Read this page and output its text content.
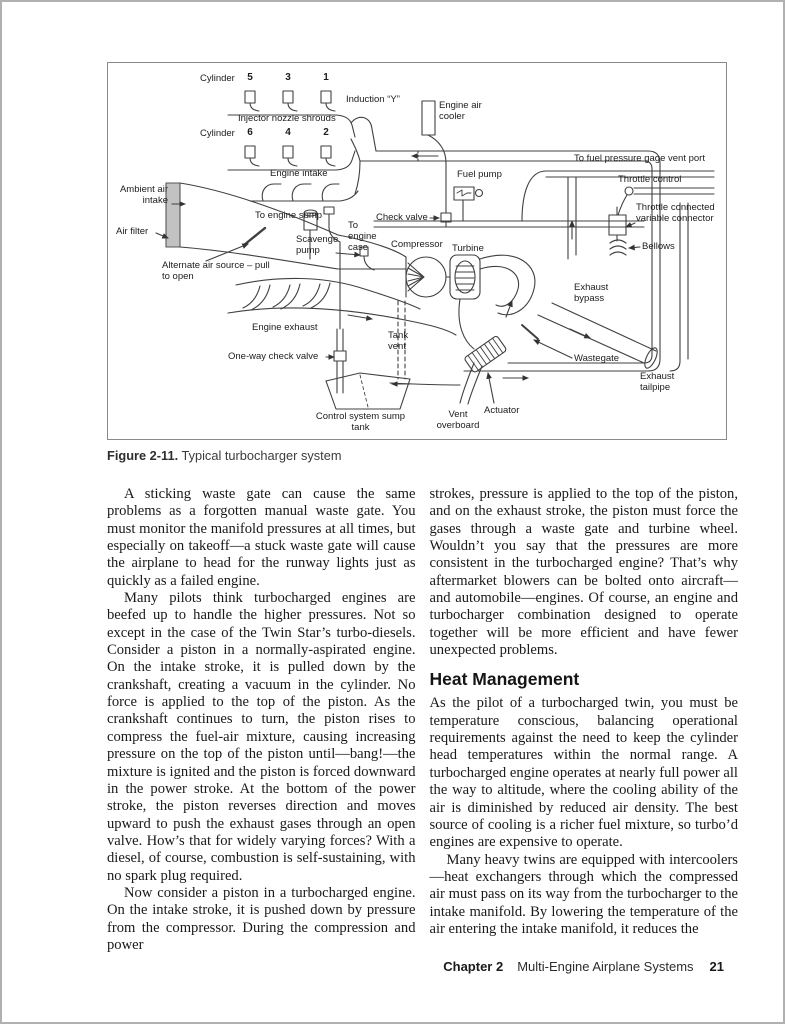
Cylinder	5	3	1
Induction “Y”
Injector nozzle shrouds
Cylinder	6	4	2
Engine air cooler
Engine intake
To fuel pressure gage vent port
Fuel pump	Throttle control
Ambient air intake
To engine sump
To engine case
Check valve
Throttle connected variable connector
Air filter
Scavenge pump
Compressor Turbine	Bellows
Alternate air source – pull to open
Exhaust bypass
Engine exhaust
Tank vent
One-way check valve	Wastegate
Exhaust tailpipe
Control system sump tank
Vent overboard
Actuator
Figure 2-11. Typical turbocharger system

A sticking waste gate can cause the same problems as a forgotten manual waste gate. You must monitor the manifold pressures at all times, but especially on takeoff—a stuck waste gate will cause the airplane to head for the runway lights just as quickly as a failed engine.

Many pilots think turbocharged engines are beefed up to handle the higher pressures. Not so except in the case of the Twin Star’s turbo-diesels. Consider a piston in a normally-aspirated engine. On the intake stroke, it is pulled down by the crankshaft, creating a vacuum in the cylinder. No force is applied to the top of the piston. As the crankshaft continues to turn, the piston rises to compress the fuel-air mixture, causing increasing pressure on the top of the piston until—bang!—the mixture is ignited and the piston is forced downward in the power stroke. At the bottom of the power stroke, the piston reverses direction and moves upward to push the exhaust gases through an open valve. How’s that for widely varying forces? With a diesel, of course, combustion is self-sustaining, with no spark plug required.

Now consider a piston in a turbocharged engine. On the intake stroke, it is pushed down by pressure from the compressor. During the compression and power

strokes, pressure is applied to the top of the piston, and on the exhaust stroke, the piston must force the gases through a waste gate and turbine wheel. Wouldn’t you say that the pressures are more consistent in the turbocharged engine? That’s why aftermarket blowers can be bolted onto aircraft—and automobile—engines. Of course, an engine and turbocharger combination designed to operate together will be more efficient and have fewer unexpected problems.

Heat Management

As the pilot of a turbocharged twin, you must be temperature conscious, balancing operational requirements against the need to keep the cylinder head temperatures within the normal range. A turbocharged engine operates at nearly full power all the way to altitude, where the cooling ability of the air is diminished by reduced air density. The best source of cooling is a richer fuel mixture, so turbo’d engines are expensive to operate.

Many heavy twins are equipped with intercoolers—heat exchangers through which the compressed air must pass on its way from the turbocharger to the intake manifold. By lowering the temperature of the air entering the intake manifold, it reduces the

Chapter 2 Multi-Engine Airplane Systems 21
